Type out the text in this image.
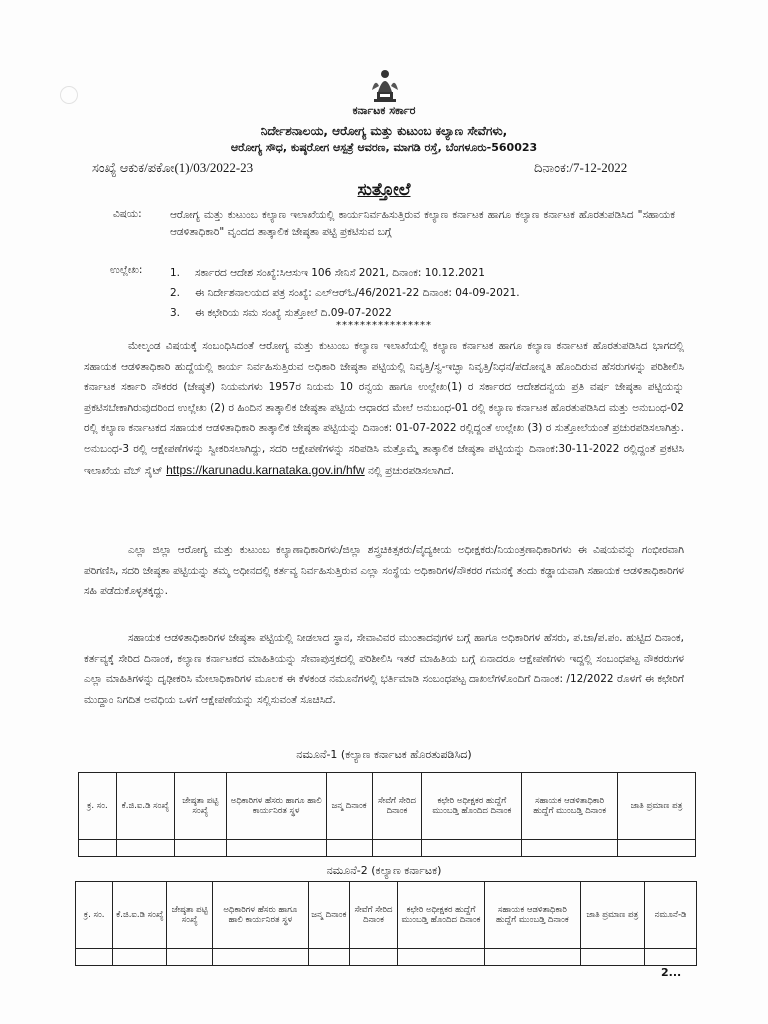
ಕರ್ನಾಟಕ ಸರ್ಕಾರ
ನಿರ್ದೇಶನಾಲಯ, ಆರೋಗ್ಯ ಮತ್ತು ಕುಟುಂಬ ಕಲ್ಯಾಣ ಸೇವೆಗಳು,
ಆರೋಗ್ಯ ಸೌಧ, ಕುಷ್ಠರೋಗ ಆಸ್ಪತ್ರೆ ಆವರಣ, ಮಾಗಡಿ ರಸ್ತೆ, ಬೆಂಗಳೂರು-560023
ಸಂಖ್ಯೆ ಆಕುಕ/ಪಕೋ(1)/03/2022-23	ದಿನಾಂಕ:/7-12-2022
ಸುತ್ತೋಲೆ
ವಿಷಯ:	ಆರೋಗ್ಯ ಮತ್ತು ಕುಟುಂಬ ಕಲ್ಯಾಣ ಇಲಾಖೆಯಲ್ಲಿ ಕಾರ್ಯನಿರ್ವಹಿಸುತ್ತಿರುವ ಕಲ್ಯಾಣ ಕರ್ನಾಟಕ ಹಾಗೂ ಕಲ್ಯಾಣ ಕರ್ನಾಟಕ ಹೊರತುಪಡಿಸಿದ "ಸಹಾಯಕ ಆಡಳಿತಾಧಿಕಾರಿ" ವೃಂದದ ತಾತ್ಕಾಲಿಕ ಜೇಷ್ಠತಾ ಪಟ್ಟಿ ಪ್ರಕಟಿಸುವ ಬಗ್ಗೆ
ಉಲ್ಲೇಖ:	1. ಸರ್ಕಾರದ ಆದೇಶ ಸಂಖ್ಯೆ:ಸಿಆಸುಇ 106 ಸೇನಿಸೆ 2021, ದಿನಾಂಕ: 10.12.2021
2. ಈ ನಿರ್ದೇಶನಾಲಯದ ಪತ್ರ ಸಂಖ್ಯೆ: ಎಲ್‌ಆರ್‌ಓ/46/2021-22 ದಿನಾಂಕ: 04-09-2021.
3. ಈ ಕಛೇರಿಯ ಸಮ ಸಂಖ್ಯೆ ಸುತ್ತೋಲೆ ದಿ.09-07-2022
****************

ಮೇಲ್ಕಂಡ ವಿಷಯಕ್ಕೆ ಸಂಬಂಧಿಸಿದಂತೆ ಆರೋಗ್ಯ ಮತ್ತು ಕುಟುಂಬ ಕಲ್ಯಾಣ ಇಲಾಖೆಯಲ್ಲಿ ಕಲ್ಯಾಣ ಕರ್ನಾಟಕ ಹಾಗೂ ಕಲ್ಯಾಣ ಕರ್ನಾಟಕ ಹೊರತುಪಡಿಸಿದ ಭಾಗದಲ್ಲಿ ಸಹಾಯಕ ಆಡಳಿತಾಧಿಕಾರಿ ಹುದ್ದೆಯಲ್ಲಿ ಕಾರ್ಯ ನಿರ್ವಹಿಸುತ್ತಿರುವ ಅಧಿಕಾರಿ ಜೇಷ್ಠತಾ ಪಟ್ಟಿಯಲ್ಲಿ ನಿವೃತ್ತಿ/ಸ್ವ-ಇಚ್ಛಾ ನಿವೃತ್ತಿ/ನಿಧನ/ಪದೋನ್ನತಿ ಹೊಂದಿರುವ ಹೆಸರುಗಳನ್ನು ಪರಿಶೀಲಿಸಿ ಕರ್ನಾಟಕ ಸರ್ಕಾರಿ ನೌಕರರ (ಜೇಷ್ಠತೆ) ನಿಯಮಗಳು 1957ರ ನಿಯಮ 10 ರನ್ವಯ ಹಾಗೂ ಉಲ್ಲೇಖ(1) ರ ಸರ್ಕಾರದ ಆದೇಶದನ್ವಯ ಪ್ರತಿ ವರ್ಷ ಜೇಷ್ಠತಾ ಪಟ್ಟಿಯನ್ನು ಪ್ರಕಟಿಸಬೇಕಾಗಿರುವುದರಿಂದ ಉಲ್ಲೇಖ (2) ರ ಹಿಂದಿನ ತಾತ್ಕಾಲಿಕ ಜೇಷ್ಠತಾ ಪಟ್ಟಿಯ ಆಧಾರದ ಮೇಲೆ ಅನುಬಂಧ-01 ರಲ್ಲಿ ಕಲ್ಯಾಣ ಕರ್ನಾಟಕ ಹೊರತುಪಡಿಸಿದ ಮತ್ತು ಅನುಬಂಧ-02 ರಲ್ಲಿ ಕಲ್ಯಾಣ ಕರ್ನಾಟಕದ ಸಹಾಯಕ ಆಡಳಿತಾಧಿಕಾರಿ ತಾತ್ಕಾಲಿಕ ಜೇಷ್ಠತಾ ಪಟ್ಟಿಯನ್ನು ದಿನಾಂಕ: 01-07-2022 ರಲ್ಲಿದ್ದಂತೆ ಉಲ್ಲೇಖ (3) ರ ಸುತ್ತೋಲೆಯಂತೆ ಪ್ರಚುರಪಡಿಸಲಾಗಿತ್ತು. ಅನುಬಂಧ-3 ರಲ್ಲಿ ಆಕ್ಷೇಪಣೆಗಳನ್ನು ಸ್ವೀಕರಿಸಲಾಗಿದ್ದು, ಸದರಿ ಆಕ್ಷೇಪಣೆಗಳನ್ನು ಸರಿಪಡಿಸಿ ಮತ್ತೊಮ್ಮೆ ತಾತ್ಕಾಲಿಕ ಜೇಷ್ಠತಾ ಪಟ್ಟಿಯನ್ನು ದಿನಾಂಕ:30-11-2022 ರಲ್ಲಿದ್ದಂತೆ ಪ್ರಕಟಿಸಿ ಇಲಾಖೆಯ ವೆಬ್ ಸೈಟ್ https://karunadu.karnataka.gov.in/hfw ನಲ್ಲಿ ಪ್ರಚುರಪಡಿಸಲಾಗಿದೆ.

ಎಲ್ಲಾ ಜಿಲ್ಲಾ ಆರೋಗ್ಯ ಮತ್ತು ಕುಟುಂಬ ಕಲ್ಯಾಣಾಧಿಕಾರಿಗಳು/ಜಿಲ್ಲಾ ಶಸ್ತ್ರಚಿಕಿತ್ಸಕರು/ವೈದ್ಯಕೀಯ ಅಧೀಕ್ಷಕರು/ನಿಯಂತ್ರಣಾಧಿಕಾರಿಗಳು ಈ ವಿಷಯವನ್ನು ಗಂಭೀರವಾಗಿ ಪರಿಗಣಿಸಿ, ಸದರಿ ಜೇಷ್ಠತಾ ಪಟ್ಟಿಯನ್ನು ತಮ್ಮ ಅಧೀನದಲ್ಲಿ ಕರ್ತವ್ಯ ನಿರ್ವಹಿಸುತ್ತಿರುವ ಎಲ್ಲಾ ಸಂಸ್ಥೆಯ ಅಧಿಕಾರಿಗಳ/ನೌಕರರ ಗಮನಕ್ಕೆ ತಂದು ಕಡ್ಡಾಯವಾಗಿ ಸಹಾಯಕ ಆಡಳಿತಾಧಿಕಾರಿಗಳ ಸಹಿ ಪಡೆದುಕೊಳ್ಳತಕ್ಕದ್ದು.

ಸಹಾಯಕ ಆಡಳಿತಾಧಿಕಾರಿಗಳ ಜೇಷ್ಠತಾ ಪಟ್ಟಿಯಲ್ಲಿ ನೀಡಲಾದ ಸ್ಥಾನ, ಸೇವಾವಿವರ ಮುಂತಾದವುಗಳ ಬಗ್ಗೆ ಹಾಗೂ ಅಧಿಕಾರಿಗಳ ಹೆಸರು, ಪ.ಜಾ/ಪ.ಪಂ. ಹುಟ್ಟಿದ ದಿನಾಂಕ, ಕರ್ತವ್ಯಕ್ಕೆ ಸೇರಿದ ದಿನಾಂಕ, ಕಲ್ಯಾಣ ಕರ್ನಾಟಕದ ಮಾಹಿತಿಯನ್ನು ಸೇವಾಪುಸ್ತಕದಲ್ಲಿ ಪರಿಶೀಲಿಸಿ ಇತರೆ ಮಾಹಿತಿಯ ಬಗ್ಗೆ ಏನಾದರೂ ಆಕ್ಷೇಪಣೆಗಳು ಇದ್ದಲ್ಲಿ ಸಂಬಂಧಪಟ್ಟ ನೌಕರರುಗಳ ಎಲ್ಲಾ ಮಾಹಿತಿಗಳನ್ನು ದೃಢೀಕರಿಸಿ ಮೇಲಾಧಿಕಾರಿಗಳ ಮೂಲಕ ಈ ಕೆಳಕಂಡ ನಮೂನೆಗಳಲ್ಲಿ ಭರ್ತಿಮಾಡಿ ಸಂಬಂಧಪಟ್ಟ ದಾಖಲೆಗಳೊಂದಿಗೆ ದಿನಾಂಕ: /12/2022 ರೊಳಗೆ ಈ ಕಛೇರಿಗೆ ಮುದ್ದಾಂ ನಿಗದಿತ ಅವಧಿಯ ಒಳಗೆ ಆಕ್ಷೇಪಣೆಯನ್ನು ಸಲ್ಲಿಸುವಂತೆ ಸೂಚಿಸಿದೆ.

ನಮೂನೆ-1 (ಕಲ್ಯಾಣ ಕರ್ನಾಟಕ ಹೊರತುಪಡಿಸಿದ)
ಕ್ರ. ಸಂ.	ಕೆ.ಜಿ.ಐ.ಡಿ ಸಂಖ್ಯೆ	ಜೇಷ್ಠತಾ ಪಟ್ಟಿ ಸಂಖ್ಯೆ	ಅಧಿಕಾರಿಗಳ ಹೆಸರು ಹಾಗೂ ಹಾಲಿ ಕಾರ್ಯನಿರತ ಸ್ಥಳ	ಜನ್ಮ ದಿನಾಂಕ	ಸೇವೆಗೆ ಸೇರಿದ ದಿನಾಂಕ	ಕಛೇರಿ ಅಧೀಕ್ಷಕರ ಹುದ್ದೆಗೆ ಮುಂಬಡ್ತಿ ಹೊಂದಿದ ದಿನಾಂಕ	ಸಹಾಯಕ ಆಡಳಿತಾಧಿಕಾರಿ ಹುದ್ದೆಗೆ ಮುಂಬಡ್ತಿ ದಿನಾಂಕ	ಜಾತಿ ಪ್ರಮಾಣ ಪತ್ರ

ನಮೂನೆ-2 (ಕಲ್ಯಾಣ ಕರ್ನಾಟಕ)
ಕ್ರ. ಸಂ.	ಕೆ.ಜಿ.ಐ.ಡಿ ಸಂಖ್ಯೆ	ಜೇಷ್ಠತಾ ಪಟ್ಟಿ ಸಂಖ್ಯೆ	ಅಧಿಕಾರಿಗಳ ಹೆಸರು ಹಾಗೂ ಹಾಲಿ ಕಾರ್ಯನಿರತ ಸ್ಥಳ	ಜನ್ಮ ದಿನಾಂಕ	ಸೇವೆಗೆ ಸೇರಿದ ದಿನಾಂಕ	ಕಛೇರಿ ಅಧೀಕ್ಷಕರ ಹುದ್ದೆಗೆ ಮುಂಬಡ್ತಿ ಹೊಂದಿದ ದಿನಾಂಕ	ಸಹಾಯಕ ಆಡಳಿತಾಧಿಕಾರಿ ಹುದ್ದೆಗೆ ಮುಂಬಡ್ತಿ ದಿನಾಂಕ	ಜಾತಿ ಪ್ರಮಾಣ ಪತ್ರ	ನಮೂನೆ-ಡಿ

2...
